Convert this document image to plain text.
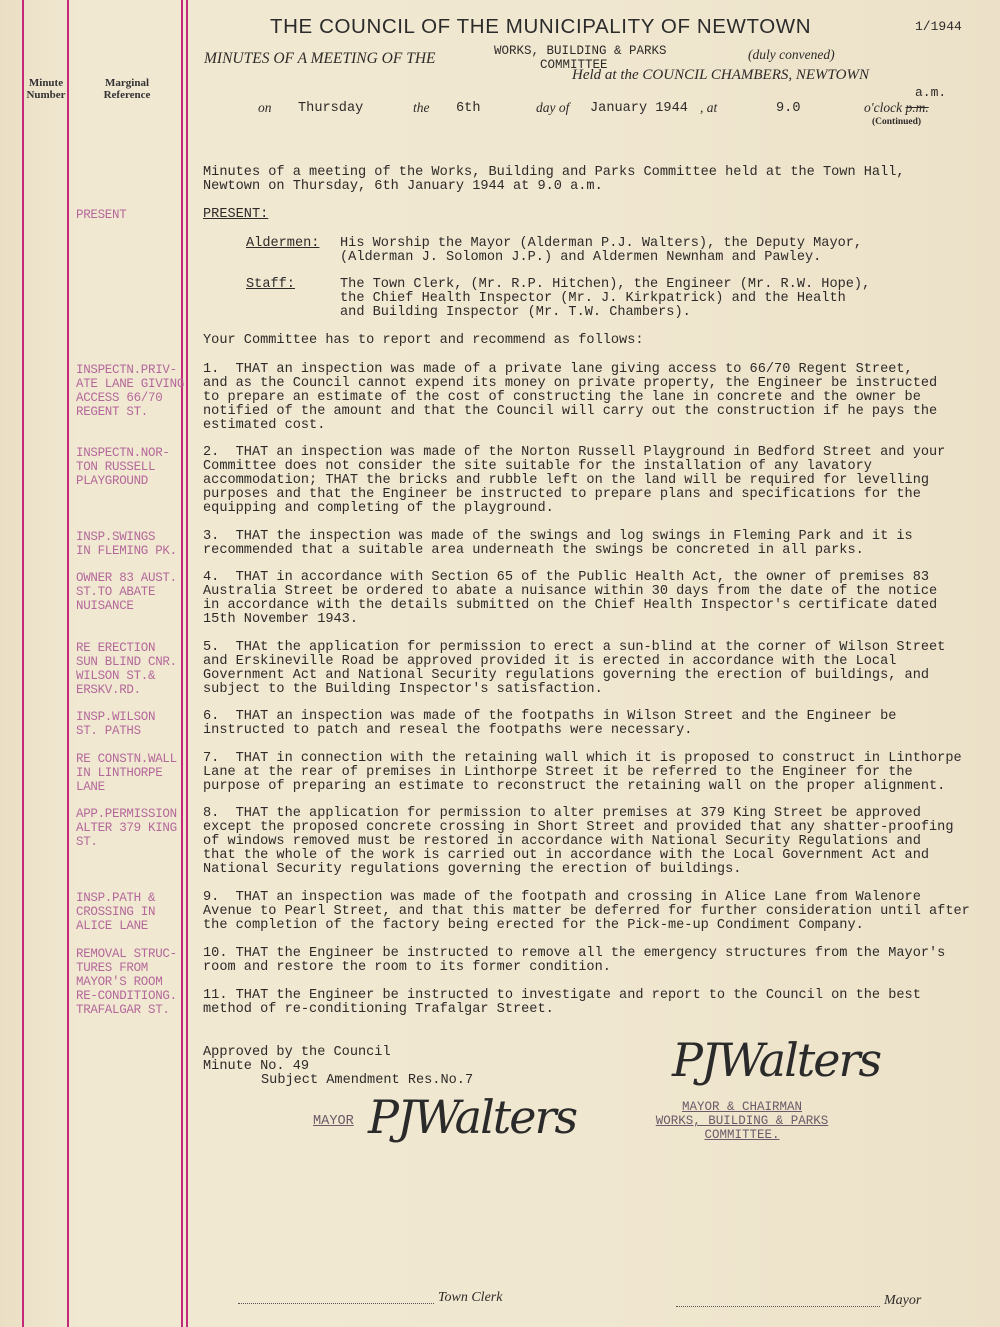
Minute
Number
Marginal
Reference
THE COUNCIL OF THE MUNICIPALITY OF NEWTOWN	1/1944
MINUTES OF A MEETING OF THE	WORKS, BUILDING & PARKS
COMMITTEE
(duly convened)
Held at the COUNCIL CHAMBERS, NEWTOWN
a.m.
on Thursday	the 6th	day of January 1944 , at	9.0	o'clock p.m.
(Continued)
Minutes of a meeting of the Works, Building and Parks Committee held at the Town Hall,
Newtown on Thursday, 6th January 1944 at 9.0 a.m.
PRESENT	PRESENT:
Aldermen: His Worship the Mayor (Alderman P.J. Walters), the Deputy Mayor,
(Alderman J. Solomon J.P.) and Aldermen Newnham and Pawley.
Staff:	The Town Clerk, (Mr. R.P. Hitchen), the Engineer (Mr. R.W. Hope),
the Chief Health Inspector (Mr. J. Kirkpatrick) and the Health
and Building Inspector (Mr. T.W. Chambers).
Your Committee has to report and recommend as follows:
INSPECTN.PRIV-
ATE LANE GIVING
ACCESS 66/70
REGENT ST.
1.  THAT an inspection was made of a private lane giving access to 66/70 Regent Street,
and as the Council cannot expend its money on private property, the Engineer be instructed
to prepare an estimate of the cost of constructing the lane in concrete and the owner be
notified of the amount and that the Council will carry out the construction if he pays the
estimated cost.
INSPECTN.NOR-
TON RUSSELL
PLAYGROUND
2.  THAT an inspection was made of the Norton Russell Playground in Bedford Street and your
Committee does not consider the site suitable for the installation of any lavatory
accommodation; THAT the bricks and rubble left on the land will be required for levelling
purposes and that the Engineer be instructed to prepare plans and specifications for the
equipping and completing of the playground.
INSP.SWINGS
IN FLEMING PK.
3.  THAT the inspection was made of the swings and log swings in Fleming Park and it is
recommended that a suitable area underneath the swings be concreted in all parks.
OWNER 83 AUST.
ST.TO ABATE
NUISANCE
4.  THAT in accordance with Section 65 of the Public Health Act, the owner of premises 83
Australia Street be ordered to abate a nuisance within 30 days from the date of the notice
in accordance with the details submitted on the Chief Health Inspector's certificate dated
15th November 1943.
RE ERECTION
SUN BLIND CNR.
WILSON ST.&
ERSKV.RD.
5.  THAt the application for permission to erect a sun-blind at the corner of Wilson Street
and Erskineville Road be approved provided it is erected in accordance with the Local
Government Act and National Security regulations governing the erection of buildings, and
subject to the Building Inspector's satisfaction.
INSP.WILSON
ST. PATHS
6.  THAT an inspection was made of the footpaths in Wilson Street and the Engineer be
instructed to patch and reseal the footpaths were necessary.
RE CONSTN.WALL
IN LINTHORPE
LANE
7.  THAT in connection with the retaining wall which it is proposed to construct in Linthorpe
Lane at the rear of premises in Linthorpe Street it be referred to the Engineer for the
purpose of preparing an estimate to reconstruct the retaining wall on the proper alignment.
APP.PERMISSION
ALTER 379 KING
ST.
8.  THAT the application for permission to alter premises at 379 King Street be approved
except the proposed concrete crossing in Short Street and provided that any shatter-proofing
of windows removed must be restored in accordance with National Security Regulations and
that the whole of the work is carried out in accordance with the Local Government Act and
National Security regulations governing the erection of buildings.
INSP.PATH &
CROSSING IN
ALICE LANE
9.  THAT an inspection was made of the footpath and crossing in Alice Lane from Walenore
Avenue to Pearl Street, and that this matter be deferred for further consideration until after
the completion of the factory being erected for the Pick-me-up Condiment Company.
REMOVAL STRUC-
TURES FROM
MAYOR'S ROOM
10. THAT the Engineer be instructed to remove all the emergency structures from the Mayor's
room and restore the room to its former condition.
RE-CONDITIONG.
TRAFALGAR ST.
11. THAT the Engineer be instructed to investigate and report to the Council on the best
method of re-conditioning Trafalgar Street.
Approved by the Council
Minute No. 49
Subject Amendment Res.No.7
MAYOR PJWalters
PJWalters
MAYOR & CHAIRMAN
WORKS, BUILDING & PARKS
COMMITTEE.
Town Clerk	Mayor
